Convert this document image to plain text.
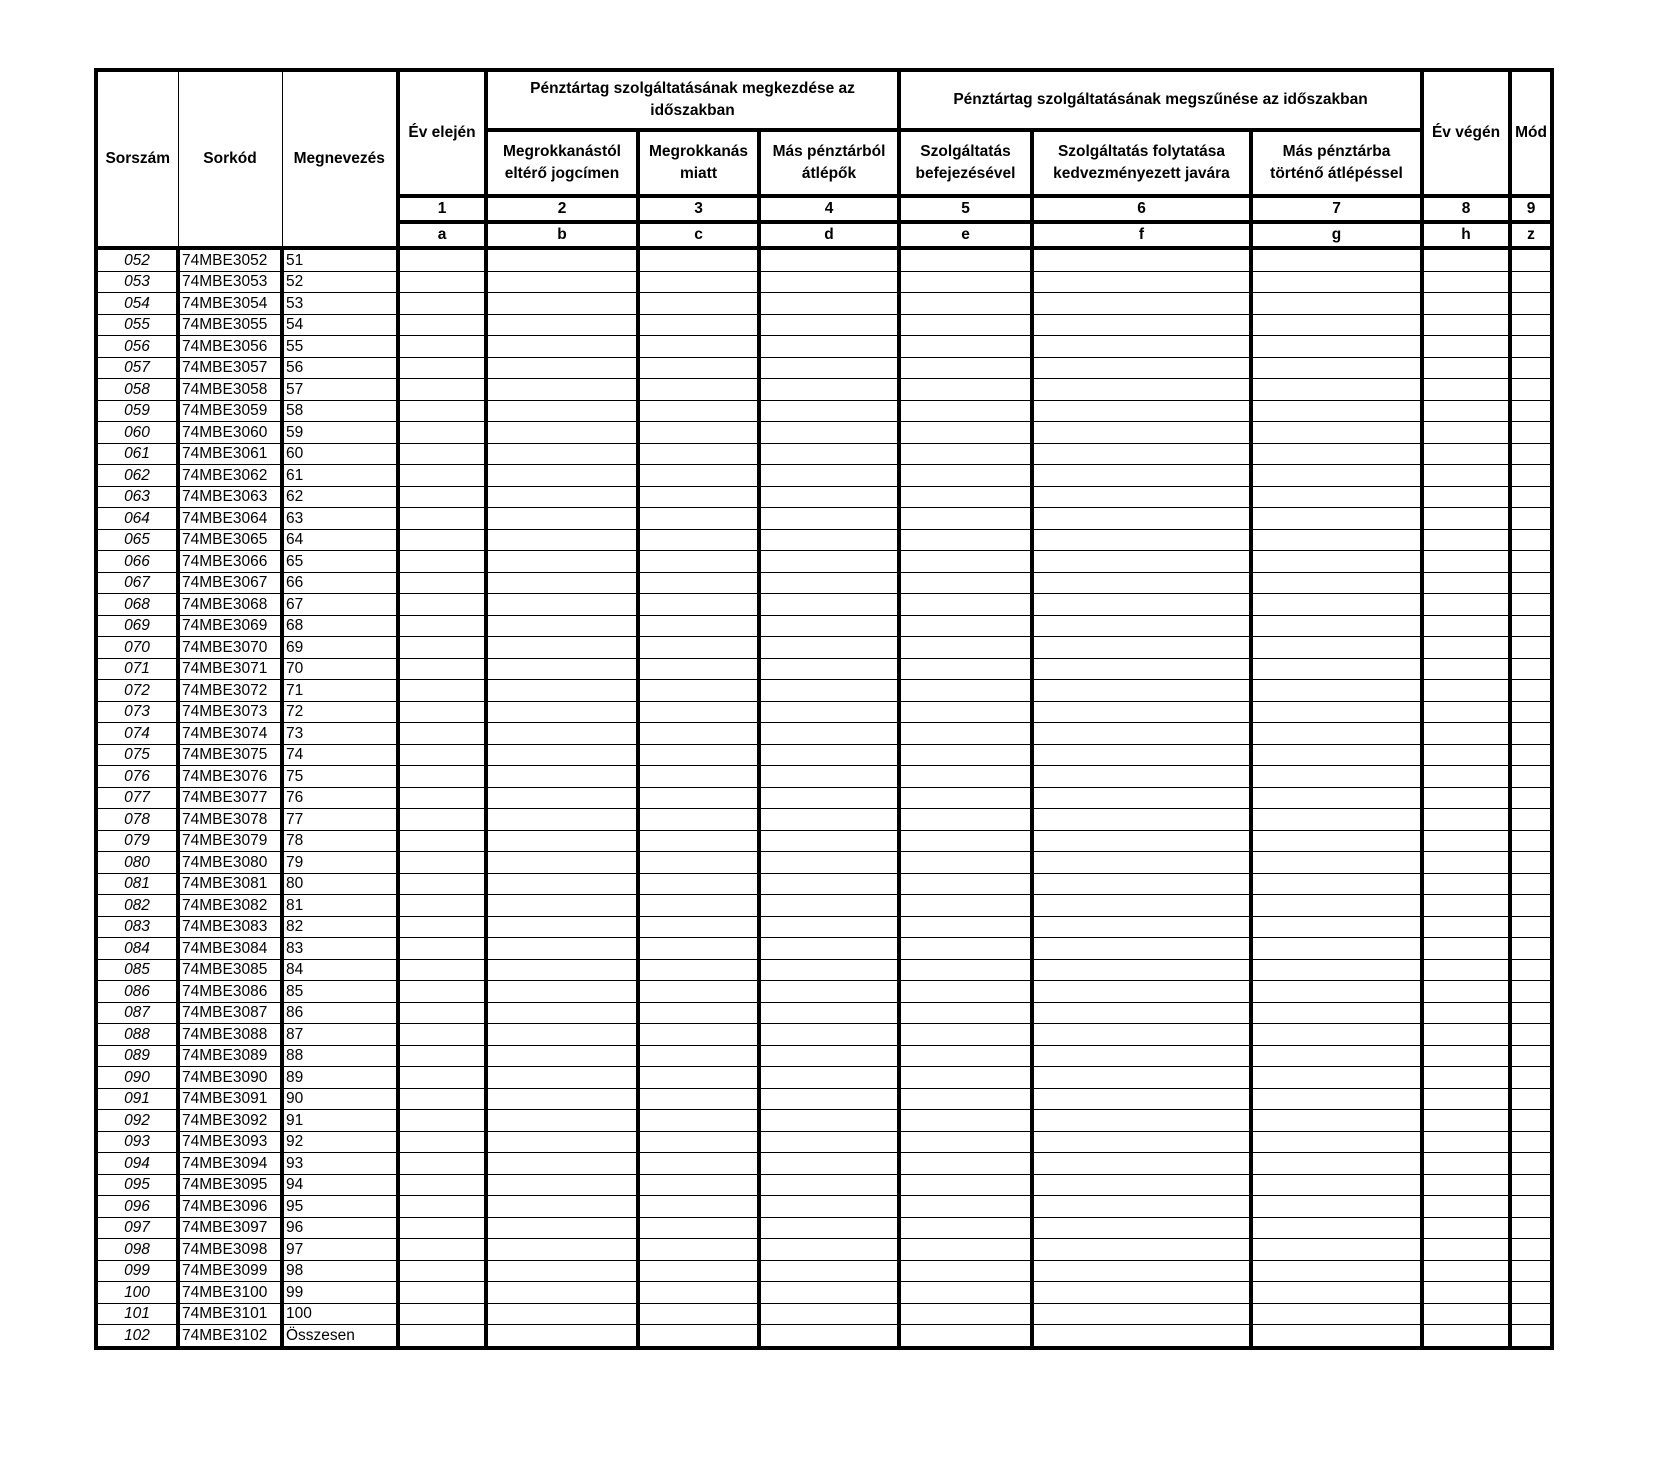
Sorszám	Sorkód	Megnevezés	Év elején	Pénztártag szolgáltatásának megkezdése az időszakban			Pénztártag szolgáltatásának megszűnése az időszakban			Év végén	Mód
				Megrokkanástól eltérő jogcímen	Megrokkanás miatt	Más pénztárból átlépők	Szolgáltatás befejezésével	Szolgáltatás folytatása kedvezményezett javára	Más pénztárba történő átlépéssel		
			1	2	3	4	5	6	7	8	9
			a	b	c	d	e	f	g	h	z
052	74MBE3052	51									
053	74MBE3053	52									
054	74MBE3054	53									
055	74MBE3055	54									
056	74MBE3056	55									
057	74MBE3057	56									
058	74MBE3058	57									
059	74MBE3059	58									
060	74MBE3060	59									
061	74MBE3061	60									
062	74MBE3062	61									
063	74MBE3063	62									
064	74MBE3064	63									
065	74MBE3065	64									
066	74MBE3066	65									
067	74MBE3067	66									
068	74MBE3068	67									
069	74MBE3069	68									
070	74MBE3070	69									
071	74MBE3071	70									
072	74MBE3072	71									
073	74MBE3073	72									
074	74MBE3074	73									
075	74MBE3075	74									
076	74MBE3076	75									
077	74MBE3077	76									
078	74MBE3078	77									
079	74MBE3079	78									
080	74MBE3080	79									
081	74MBE3081	80									
082	74MBE3082	81									
083	74MBE3083	82									
084	74MBE3084	83									
085	74MBE3085	84									
086	74MBE3086	85									
087	74MBE3087	86									
088	74MBE3088	87									
089	74MBE3089	88									
090	74MBE3090	89									
091	74MBE3091	90									
092	74MBE3092	91									
093	74MBE3093	92									
094	74MBE3094	93									
095	74MBE3095	94									
096	74MBE3096	95									
097	74MBE3097	96									
098	74MBE3098	97									
099	74MBE3099	98									
100	74MBE3100	99									
101	74MBE3101	100									
102	74MBE3102	Összesen									
